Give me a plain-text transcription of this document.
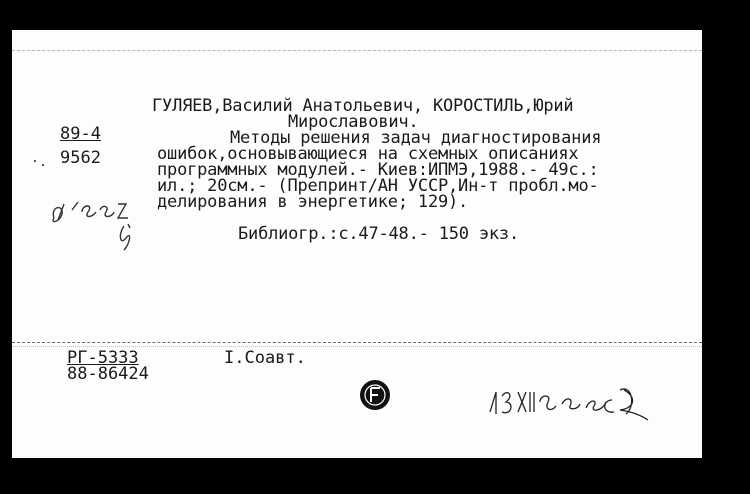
89-4
9562

ГУЛЯЕВ,Василий Анатольевич, КОРОСТИЛЬ,Юрий

Мирославович.

Методы решения задач диагностирования

ошибок,основывающиеся на схемных описаниях

программных модулей.- Киев:ИПМЭ,1988.- 49с.:

ил.; 20см.- (Препринт/АН УССР,Ин-т пробл.мо-

делирования в энергетике; 129).

Библиогр.:с.47-48.- 150 экз.

РГ-5333
88-86424
I.Соавт.
